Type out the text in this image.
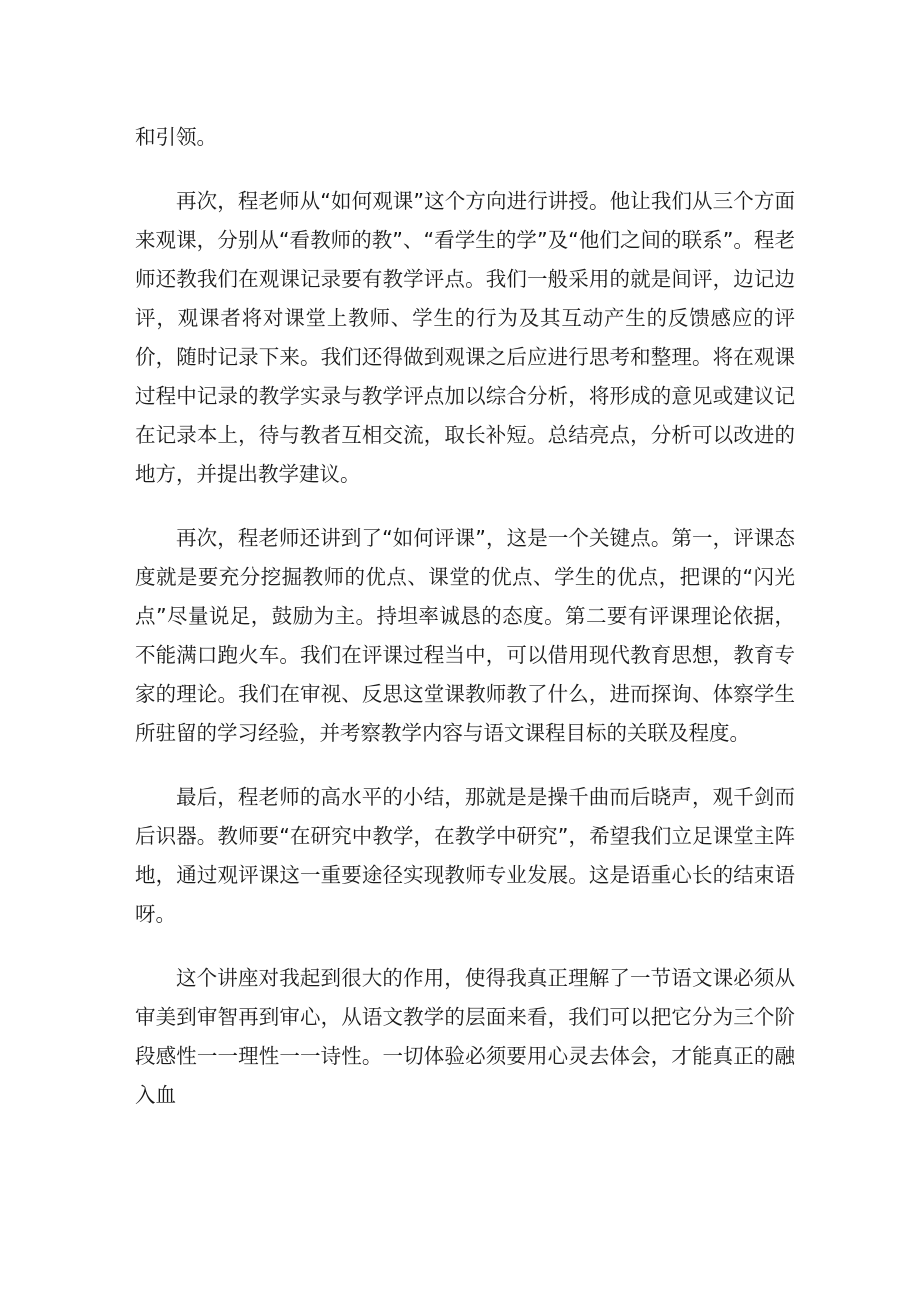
和引领。

再次，程老师从“如何观课”这个方向进行讲授。他让我们从三个方面来观课，分别从“看教师的教”、“看学生的学”及“他们之间的联系”。程老师还教我们在观课记录要有教学评点。我们一般采用的就是间评，边记边评，观课者将对课堂上教师、学生的行为及其互动产生的反馈感应的评价，随时记录下来。我们还得做到观课之后应进行思考和整理。将在观课过程中记录的教学实录与教学评点加以综合分析，将形成的意见或建议记在记录本上，待与教者互相交流，取长补短。总结亮点，分析可以改进的地方，并提出教学建议。

再次，程老师还讲到了“如何评课”，这是一个关键点。第一，评课态度就是要充分挖掘教师的优点、课堂的优点、学生的优点，把课的“闪光点”尽量说足，鼓励为主。持坦率诚恳的态度。第二要有评课理论依据，不能满口跑火车。我们在评课过程当中，可以借用现代教育思想，教育专家的理论。我们在审视、反思这堂课教师教了什么，进而探询、体察学生所驻留的学习经验，并考察教学内容与语文课程目标的关联及程度。

最后，程老师的高水平的小结，那就是是操千曲而后晓声，观千剑而后识器。教师要“在研究中教学，在教学中研究”，希望我们立足课堂主阵地，通过观评课这一重要途径实现教师专业发展。这是语重心长的结束语呀。

这个讲座对我起到很大的作用，使得我真正理解了一节语文课必须从审美到审智再到审心，从语文教学的层面来看，我们可以把它分为三个阶段感性一一理性一一诗性。一切体验必须要用心灵去体会，才能真正的融入血
